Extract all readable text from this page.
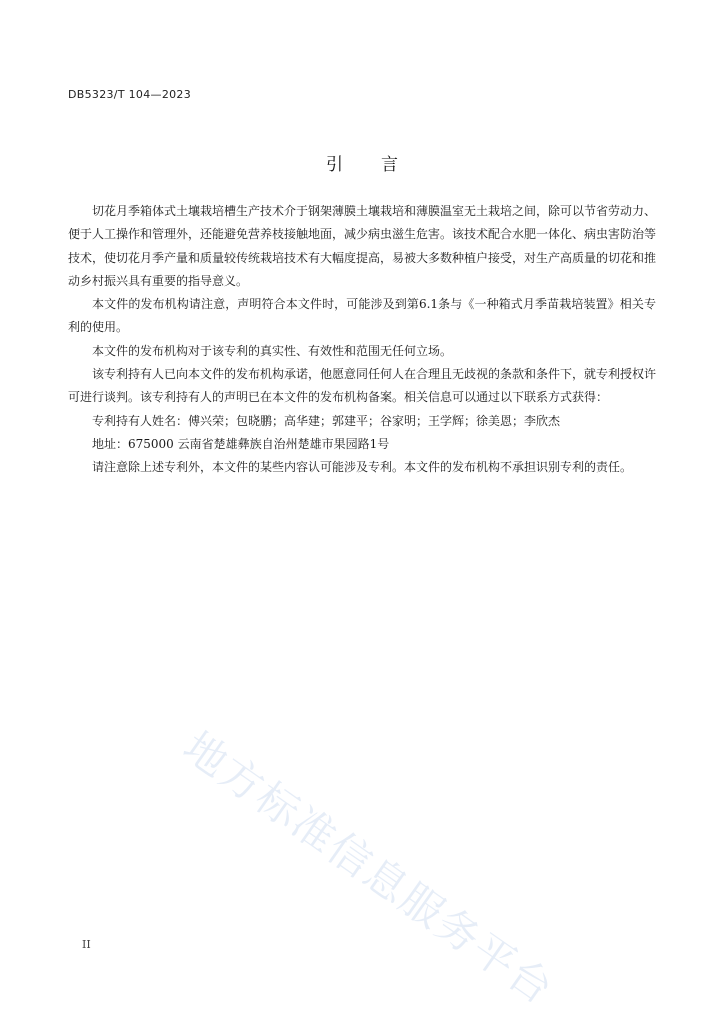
DB5323/T 104—2023
引言

切花月季箱体式土壤栽培槽生产技术介于钢架薄膜土壤栽培和薄膜温室无土栽培之间，除可以节省劳动力、便于人工操作和管理外，还能避免营养枝接触地面，减少病虫滋生危害。该技术配合水肥一体化、病虫害防治等技术，使切花月季产量和质量较传统栽培技术有大幅度提高，易被大多数种植户接受，对生产高质量的切花和推动乡村振兴具有重要的指导意义。

本文件的发布机构请注意，声明符合本文件时，可能涉及到第6.1条与《一种箱式月季苗栽培装置》相关专利的使用。

本文件的发布机构对于该专利的真实性、有效性和范围无任何立场。

该专利持有人已向本文件的发布机构承诺，他愿意同任何人在合理且无歧视的条款和条件下，就专利授权许可进行谈判。该专利持有人的声明已在本文件的发布机构备案。相关信息可以通过以下联系方式获得：

专利持有人姓名：傅兴荣；包晓鹏；高华建；郭建平；谷家明；王学辉；徐美恩；李欣杰

地址：675000 云南省楚雄彝族自治州楚雄市果园路1号

请注意除上述专利外，本文件的某些内容认可能涉及专利。本文件的发布机构不承担识别专利的责任。

地方标准信息服务平台
II
